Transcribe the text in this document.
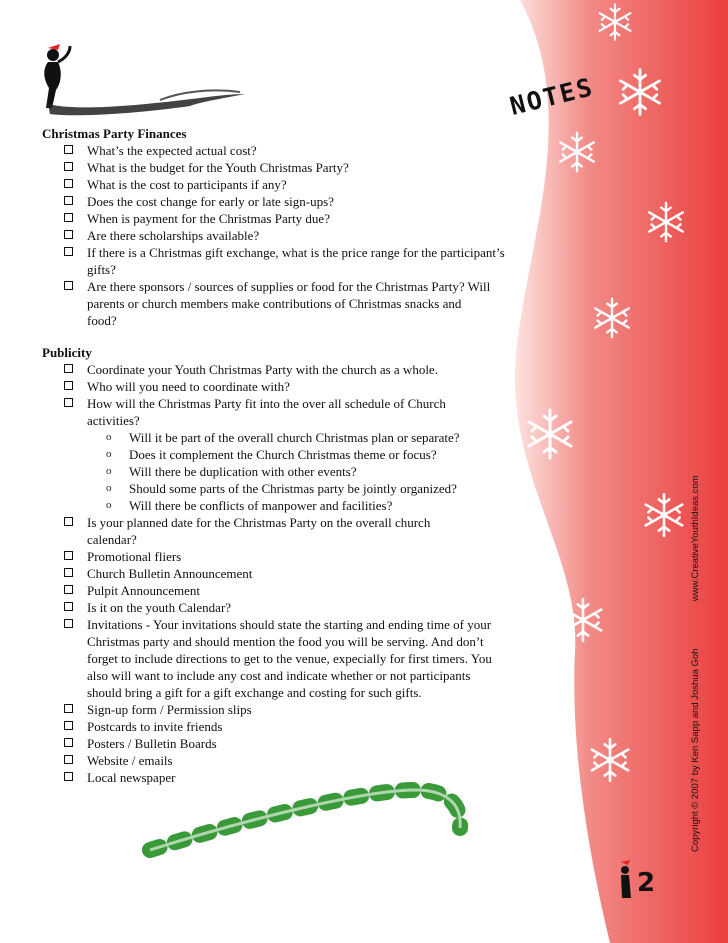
NOTES
2
Copyright © 2007 by Ken Sapp and Joshua Goh  www.CreativeYouthIdeas.com

Christmas Party Finances

What’s the expected actual cost?
What is the budget for the Youth Christmas Party?
What is the cost to participants if any?
Does the cost change for early or late sign-ups?
When is payment for the Christmas Party due?
Are there scholarships available?
If there is a Christmas gift exchange, what is the price range for the participant’s gifts?
Are there sponsors / sources of supplies or food for the Christmas Party? Will parents or church members make contributions of Christmas snacks and food?

Publicity

Coordinate your Youth Christmas Party with the church as a whole.
Who will you need to coordinate with?
How will the Christmas Party fit into the over all schedule of Church activities?
o Will it be part of the overall church Christmas plan or separate?
o Does it complement the Church Christmas theme or focus?
o Will there be duplication with other events?
o Should some parts of the Christmas party be jointly organized?
o Will there be conflicts of manpower and facilities?
Is your planned date for the Christmas Party on the overall church calendar?
Promotional fliers
Church Bulletin Announcement
Pulpit Announcement
Is it on the youth Calendar?
Invitations - Your invitations should state the starting and ending time of your Christmas party and should mention the food you will be serving. And don’t forget to include directions to get to the venue, expecially for first timers. You also will want to include any cost and indicate whether or not participants should bring a gift for a gift exchange and costing for such gifts.
Sign-up form / Permission slips
Postcards to invite friends
Posters / Bulletin Boards
Website / emails
Local newspaper
